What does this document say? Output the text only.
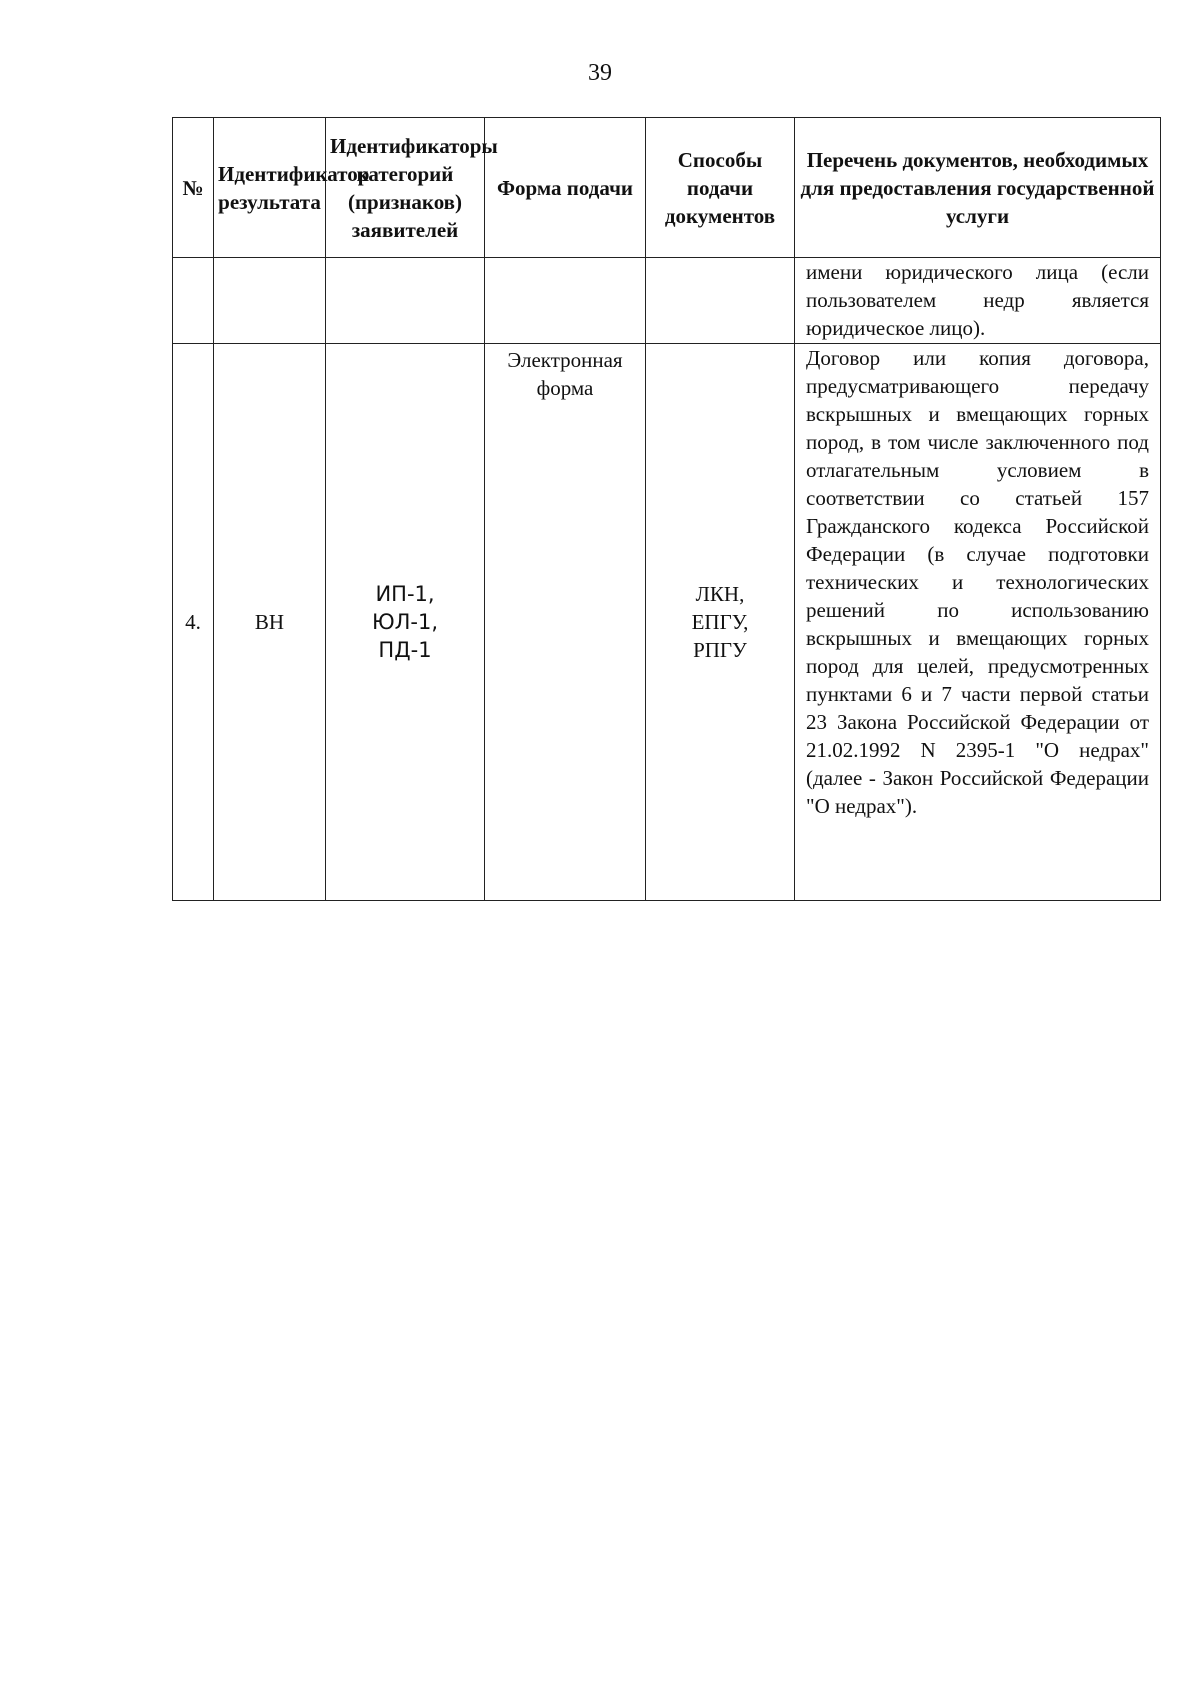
39
№	Идентификатор результата	Идентификаторы категорий (признаков) заявителей	Форма подачи	Способы подачи документов	Перечень документов, необходимых для предоставления государственной услуги

					имени юридического лица (если пользователем недр является юридическое лицо).

4.	ВН	ИП-1, ЮЛ-1, ПД-1	Электронная форма	ЛКН, ЕПГУ, РПГУ	Договор или копия договора, предусматривающего передачу вскрышных и вмещающих горных пород, в том числе заключенного под отлагательным условием в соответствии со статьей 157 Гражданского кодекса Российской Федерации (в случае подготовки технических и технологических решений по использованию вскрышных и вмещающих горных пород для целей, предусмотренных пунктами 6 и 7 части первой статьи 23 Закона Российской Федерации от 21.02.1992 N 2395-1 "О недрах" (далее - Закон Российской Федерации "О недрах").
